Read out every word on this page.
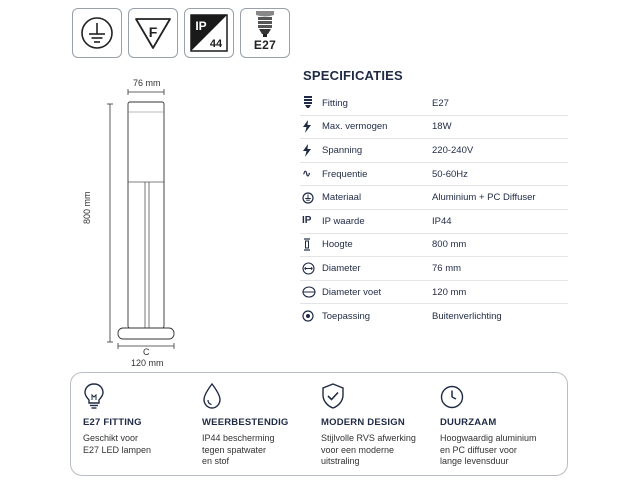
F	IP
44	E27
76 mm
800 mm
C
120 mm
SPECIFICATIES
Fitting	E27
Max. vermogen	18W
Spanning	220-240V
∿ Frequentie	50-60Hz
Materiaal	Aluminium + PC Diffuser
IP IP waarde	IP44
Hoogte	800 mm
Diameter	76 mm
Diameter voet	120 mm
Toepassing	Buitenverlichting
E27 FITTING
Geschikt voor
E27 LED lampen
WEERBESTENDIG
IP44 bescherming
tegen spatwater
en stof
MODERN DESIGN
Stijlvolle RVS afwerking
voor een moderne
uitstraling
DUURZAAM
Hoogwaardig aluminium
en PC diffuser voor
lange levensduur
